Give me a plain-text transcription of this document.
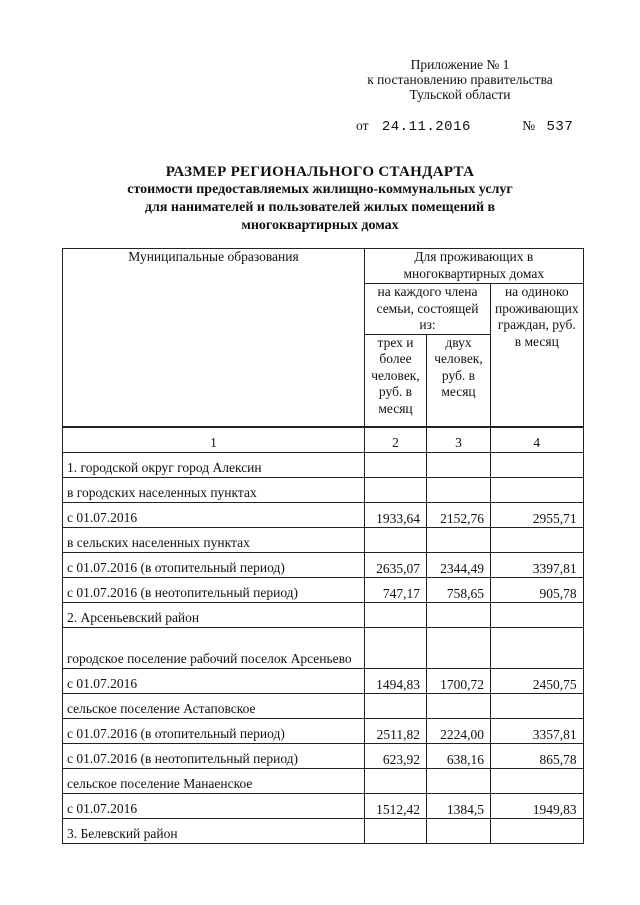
Приложение № 1
к постановлению правительства
Тульской области
от 24.11.2016	№ 537
РАЗМЕР РЕГИОНАЛЬНОГО СТАНДАРТА
стоимости предоставляемых жилищно-коммунальных услуг
для нанимателей и пользователей жилых помещений в
многоквартирных домах
Муниципальные образования	Для проживающих в многоквартирных домах		
	на каждого члена семьи, состоящей из:		на одиноко проживающих граждан, руб. в месяц
	трех и более человек, руб. в месяц	двух человек, руб. в месяц	
1	2	3	4
1. городской округ город Алексин			
в городских населенных пунктах			
с 01.07.2016	1933,64	2152,76	2955,71
в сельских населенных пунктах			
с 01.07.2016 (в отопительный период)	2635,07	2344,49	3397,81
с 01.07.2016 (в неотопительный период)	747,17	758,65	905,78
2. Арсеньевский район			
городское поселение рабочий поселок Арсеньево			
с 01.07.2016	1494,83	1700,72	2450,75
сельское поселение Астаповское			
с 01.07.2016 (в отопительный период)	2511,82	2224,00	3357,81
с 01.07.2016 (в неотопительный период)	623,92	638,16	865,78
сельское поселение Манаенское			
с 01.07.2016	1512,42	1384,5	1949,83
3. Белевский район			
